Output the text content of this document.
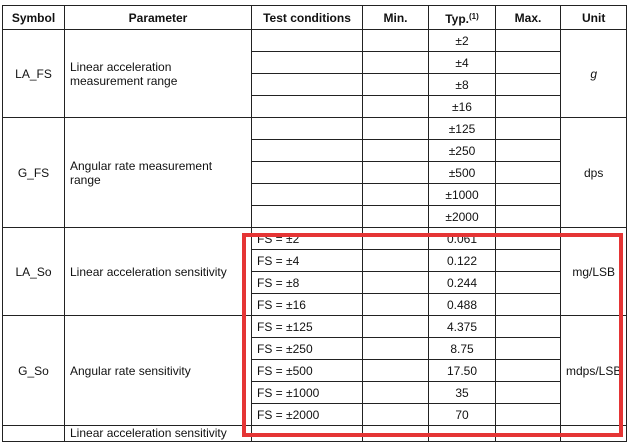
Symbol	Parameter	Test conditions	Min.	Typ.$^{(1)}$	Max.	Unit
LA_FS	Linear acceleration measurement range			±2		g
				±4		
				±8		
				±16		
G_FS	Angular rate measurement range			±125		dps
				±250		
				±500		
				±1000		
				±2000		
LA_So	Linear acceleration sensitivity	FS = ±2		0.061		mg/LSB
		FS = ±4		0.122		
		FS = ±8		0.244		
		FS = ±16		0.488		
G_So	Angular rate sensitivity	FS = ±125		4.375		mdps/LSB
		FS = ±250		8.75		
		FS = ±500		17.50		
		FS = ±1000		35		
		FS = ±2000		70		
	Linear acceleration sensitivity					
